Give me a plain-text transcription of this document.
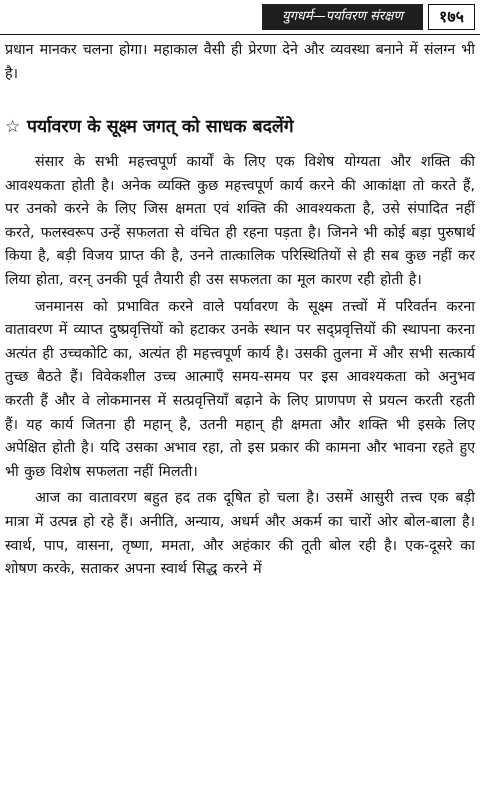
युगधर्म—पर्यावरण संरक्षण	१७५

प्रधान मानकर चलना होगा। महाकाल वैसी ही प्रेरणा देने और व्यवस्था बनाने में संलग्न भी है।

☆ पर्यावरण के सूक्ष्म जगत् को साधक बदलेंगे

संसार के सभी महत्त्वपूर्ण कार्यों के लिए एक विशेष योग्यता और शक्ति की आवश्यकता होती है। अनेक व्यक्ति कुछ महत्त्वपूर्ण कार्य करने की आकांक्षा तो करते हैं, पर उनको करने के लिए जिस क्षमता एवं शक्ति की आवश्यकता है, उसे संपादित नहीं करते, फलस्वरूप उन्हें सफलता से वंचित ही रहना पड़ता है। जिनने भी कोई बड़ा पुरुषार्थ किया है, बड़ी विजय प्राप्त की है, उनने तात्कालिक परिस्थितियों से ही सब कुछ नहीं कर लिया होता, वरन् उनकी पूर्व तैयारी ही उस सफलता का मूल कारण रही होती है।

जनमानस को प्रभावित करने वाले पर्यावरण के सूक्ष्म तत्त्वों में परिवर्तन करना वातावरण में व्याप्त दुष्प्रवृत्तियों को हटाकर उनके स्थान पर सद्प्रवृत्तियों की स्थापना करना अत्यंत ही उच्चकोटि का, अत्यंत ही महत्त्वपूर्ण कार्य है। उसकी तुलना में और सभी सत्कार्य तुच्छ बैठते हैं। विवेकशील उच्च आत्माएँ समय-समय पर इस आवश्यकता को अनुभव करती हैं और वे लोकमानस में सत्प्रवृत्तियाँ बढ़ाने के लिए प्राणपण से प्रयत्न करती रहती हैं। यह कार्य जितना ही महान् है, उतनी महान् ही क्षमता और शक्ति भी इसके लिए अपेक्षित होती है। यदि उसका अभाव रहा, तो इस प्रकार की कामना और भावना रहते हुए भी कुछ विशेष सफलता नहीं मिलती।

आज का वातावरण बहुत हद तक दूषित हो चला है। उसमें आसुरी तत्त्व एक बड़ी मात्रा में उत्पन्न हो रहे हैं। अनीति, अन्याय, अधर्म और अकर्म का चारों ओर बोल-बाला है। स्वार्थ, पाप, वासना, तृष्णा, ममता, और अहंकार की तूती बोल रही है। एक-दूसरे का शोषण करके, सताकर अपना स्वार्थ सिद्ध करने में
